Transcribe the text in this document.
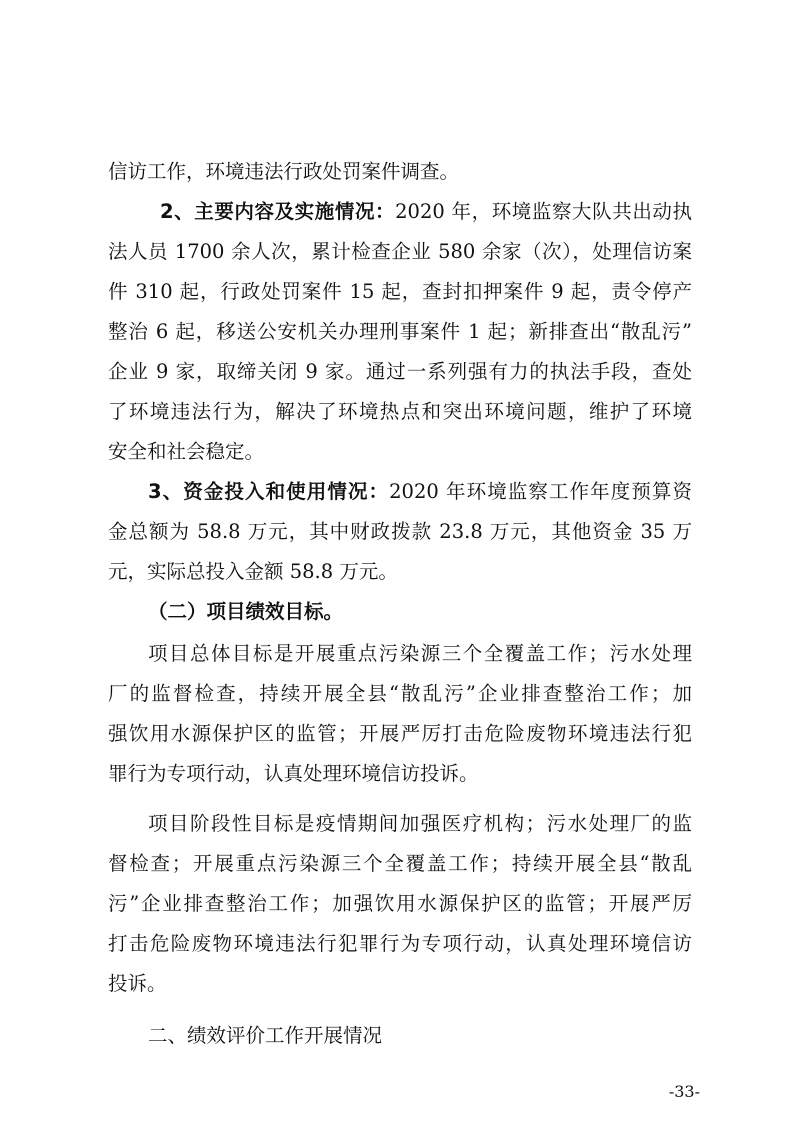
信访工作，环境违法行政处罚案件调查。
2、主要内容及实施情况：2020 年，环境监察大队共出动执
法人员 1700 余人次，累计检查企业 580 余家（次），处理信访案
件 310 起，行政处罚案件 15 起，查封扣押案件 9 起，责令停产
整治 6 起，移送公安机关办理刑事案件 1 起；新排查出“散乱污”
企业 9 家，取缔关闭 9 家。通过一系列强有力的执法手段，查处
了环境违法行为，解决了环境热点和突出环境问题，维护了环境
安全和社会稳定。
3、资金投入和使用情况：2020 年环境监察工作年度预算资
金总额为 58.8 万元，其中财政拨款 23.8 万元，其他资金 35 万
元，实际总投入金额 58.8 万元。
（二）项目绩效目标。
项目总体目标是开展重点污染源三个全覆盖工作；污水处理
厂的监督检查，持续开展全县“散乱污”企业排查整治工作；加
强饮用水源保护区的监管；开展严厉打击危险废物环境违法行犯
罪行为专项行动，认真处理环境信访投诉。
项目阶段性目标是疫情期间加强医疗机构；污水处理厂的监
督检查；开展重点污染源三个全覆盖工作；持续开展全县“散乱
污”企业排查整治工作；加强饮用水源保护区的监管；开展严厉
打击危险废物环境违法行犯罪行为专项行动，认真处理环境信访
投诉。
二、绩效评价工作开展情况
-33-
